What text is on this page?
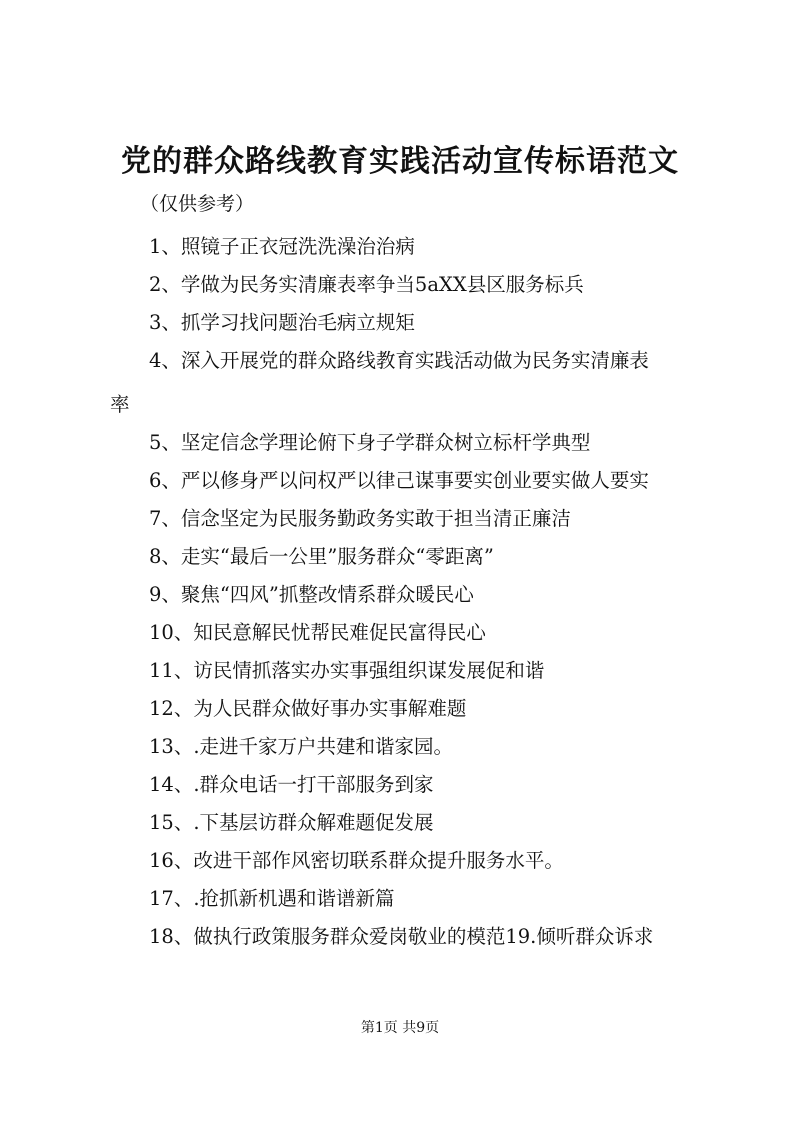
党的群众路线教育实践活动宣传标语范文
（仅供参考）

1、照镜子正衣冠洗洗澡治治病

2、学做为民务实清廉表率争当5aXX县区服务标兵

3、抓学习找问题治毛病立规矩

4、深入开展党的群众路线教育实践活动做为民务实清廉表
率

5、坚定信念学理论俯下身子学群众树立标杆学典型

6、严以修身严以问权严以律己谋事要实创业要实做人要实

7、信念坚定为民服务勤政务实敢于担当清正廉洁

8、走实“最后一公里”服务群众“零距离”

9、聚焦“四风”抓整改情系群众暖民心

10、知民意解民忧帮民难促民富得民心

11、访民情抓落实办实事强组织谋发展促和谐

12、为人民群众做好事办实事解难题

13、.走进千家万户共建和谐家园。

14、.群众电话一打干部服务到家

15、.下基层访群众解难题促发展

16、改进干部作风密切联系群众提升服务水平。

17、.抢抓新机遇和谐谱新篇

18、做执行政策服务群众爱岗敬业的模范19.倾听群众诉求

第1页 共9页
